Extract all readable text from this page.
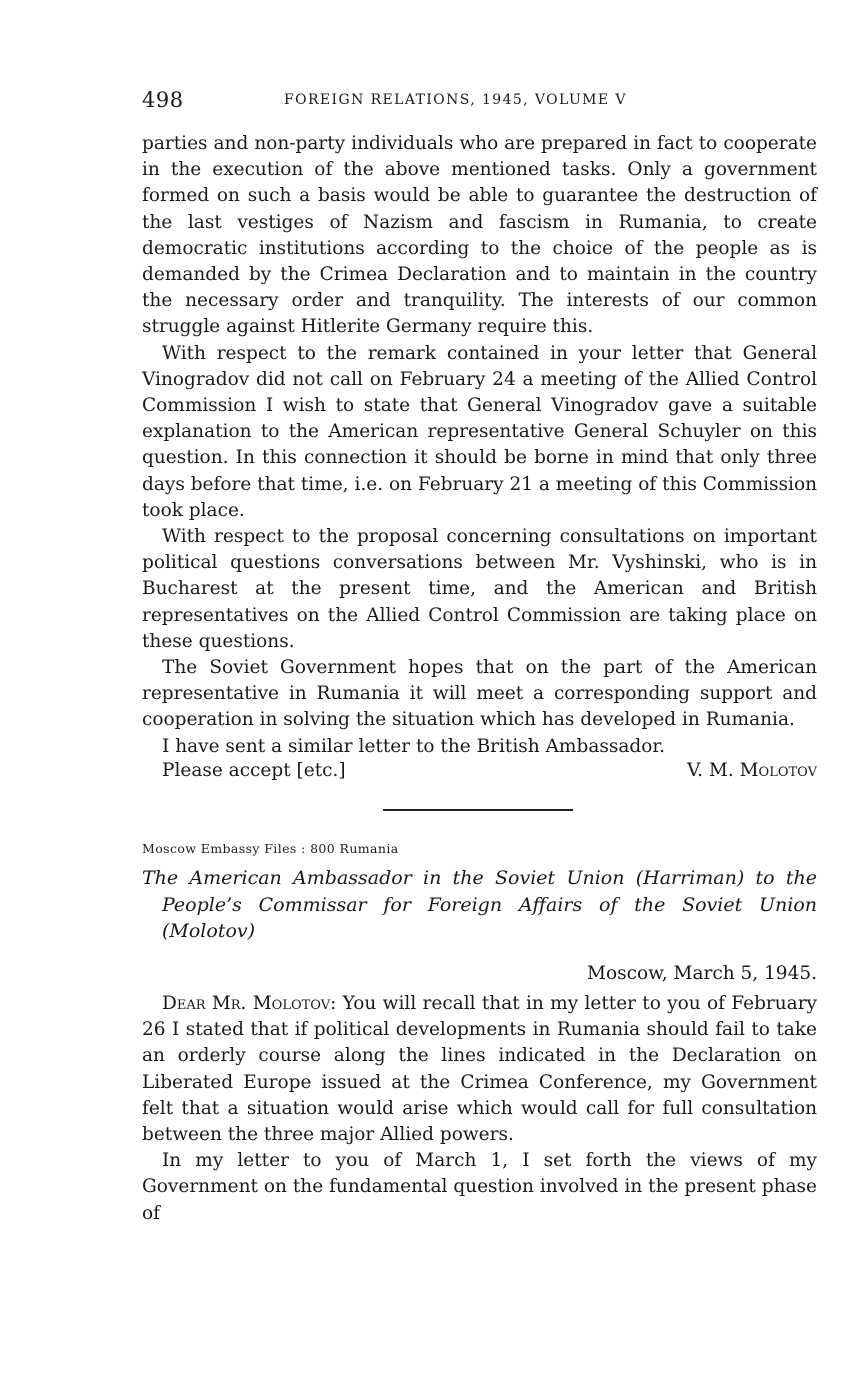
498	FOREIGN RELATIONS, 1945, VOLUME V

parties and non-party individuals who are prepared in fact to cooperate in the execution of the above mentioned tasks. Only a government formed on such a basis would be able to guarantee the destruction of the last vestiges of Nazism and fascism in Rumania, to create democratic institutions according to the choice of the people as is demanded by the Crimea Declaration and to maintain in the country the necessary order and tranquility. The interests of our common struggle against Hitlerite Germany require this.

With respect to the remark contained in your letter that General Vinogradov did not call on February 24 a meeting of the Allied Control Commission I wish to state that General Vinogradov gave a suitable explanation to the American representative General Schuyler on this question. In this connection it should be borne in mind that only three days before that time, i.e. on February 21 a meeting of this Commission took place.

With respect to the proposal concerning consultations on important political questions conversations between Mr. Vyshinski, who is in Bucharest at the present time, and the American and British representatives on the Allied Control Commission are taking place on these questions.

The Soviet Government hopes that on the part of the American representative in Rumania it will meet a corresponding support and cooperation in solving the situation which has developed in Rumania.

I have sent a similar letter to the British Ambassador.

Please accept [etc.]	V. M. Molotov
Moscow Embassy Files : 800 Rumania
The American Ambassador in the Soviet Union (Harriman) to the People’s Commissar for Foreign Affairs of the Soviet Union (Molotov)
Moscow, March 5, 1945.

Dear Mr. Molotov: You will recall that in my letter to you of February 26 I stated that if political developments in Rumania should fail to take an orderly course along the lines indicated in the Declaration on Liberated Europe issued at the Crimea Conference, my Government felt that a situation would arise which would call for full consultation between the three major Allied powers.

In my letter to you of March 1, I set forth the views of my Government on the fundamental question involved in the present phase of
